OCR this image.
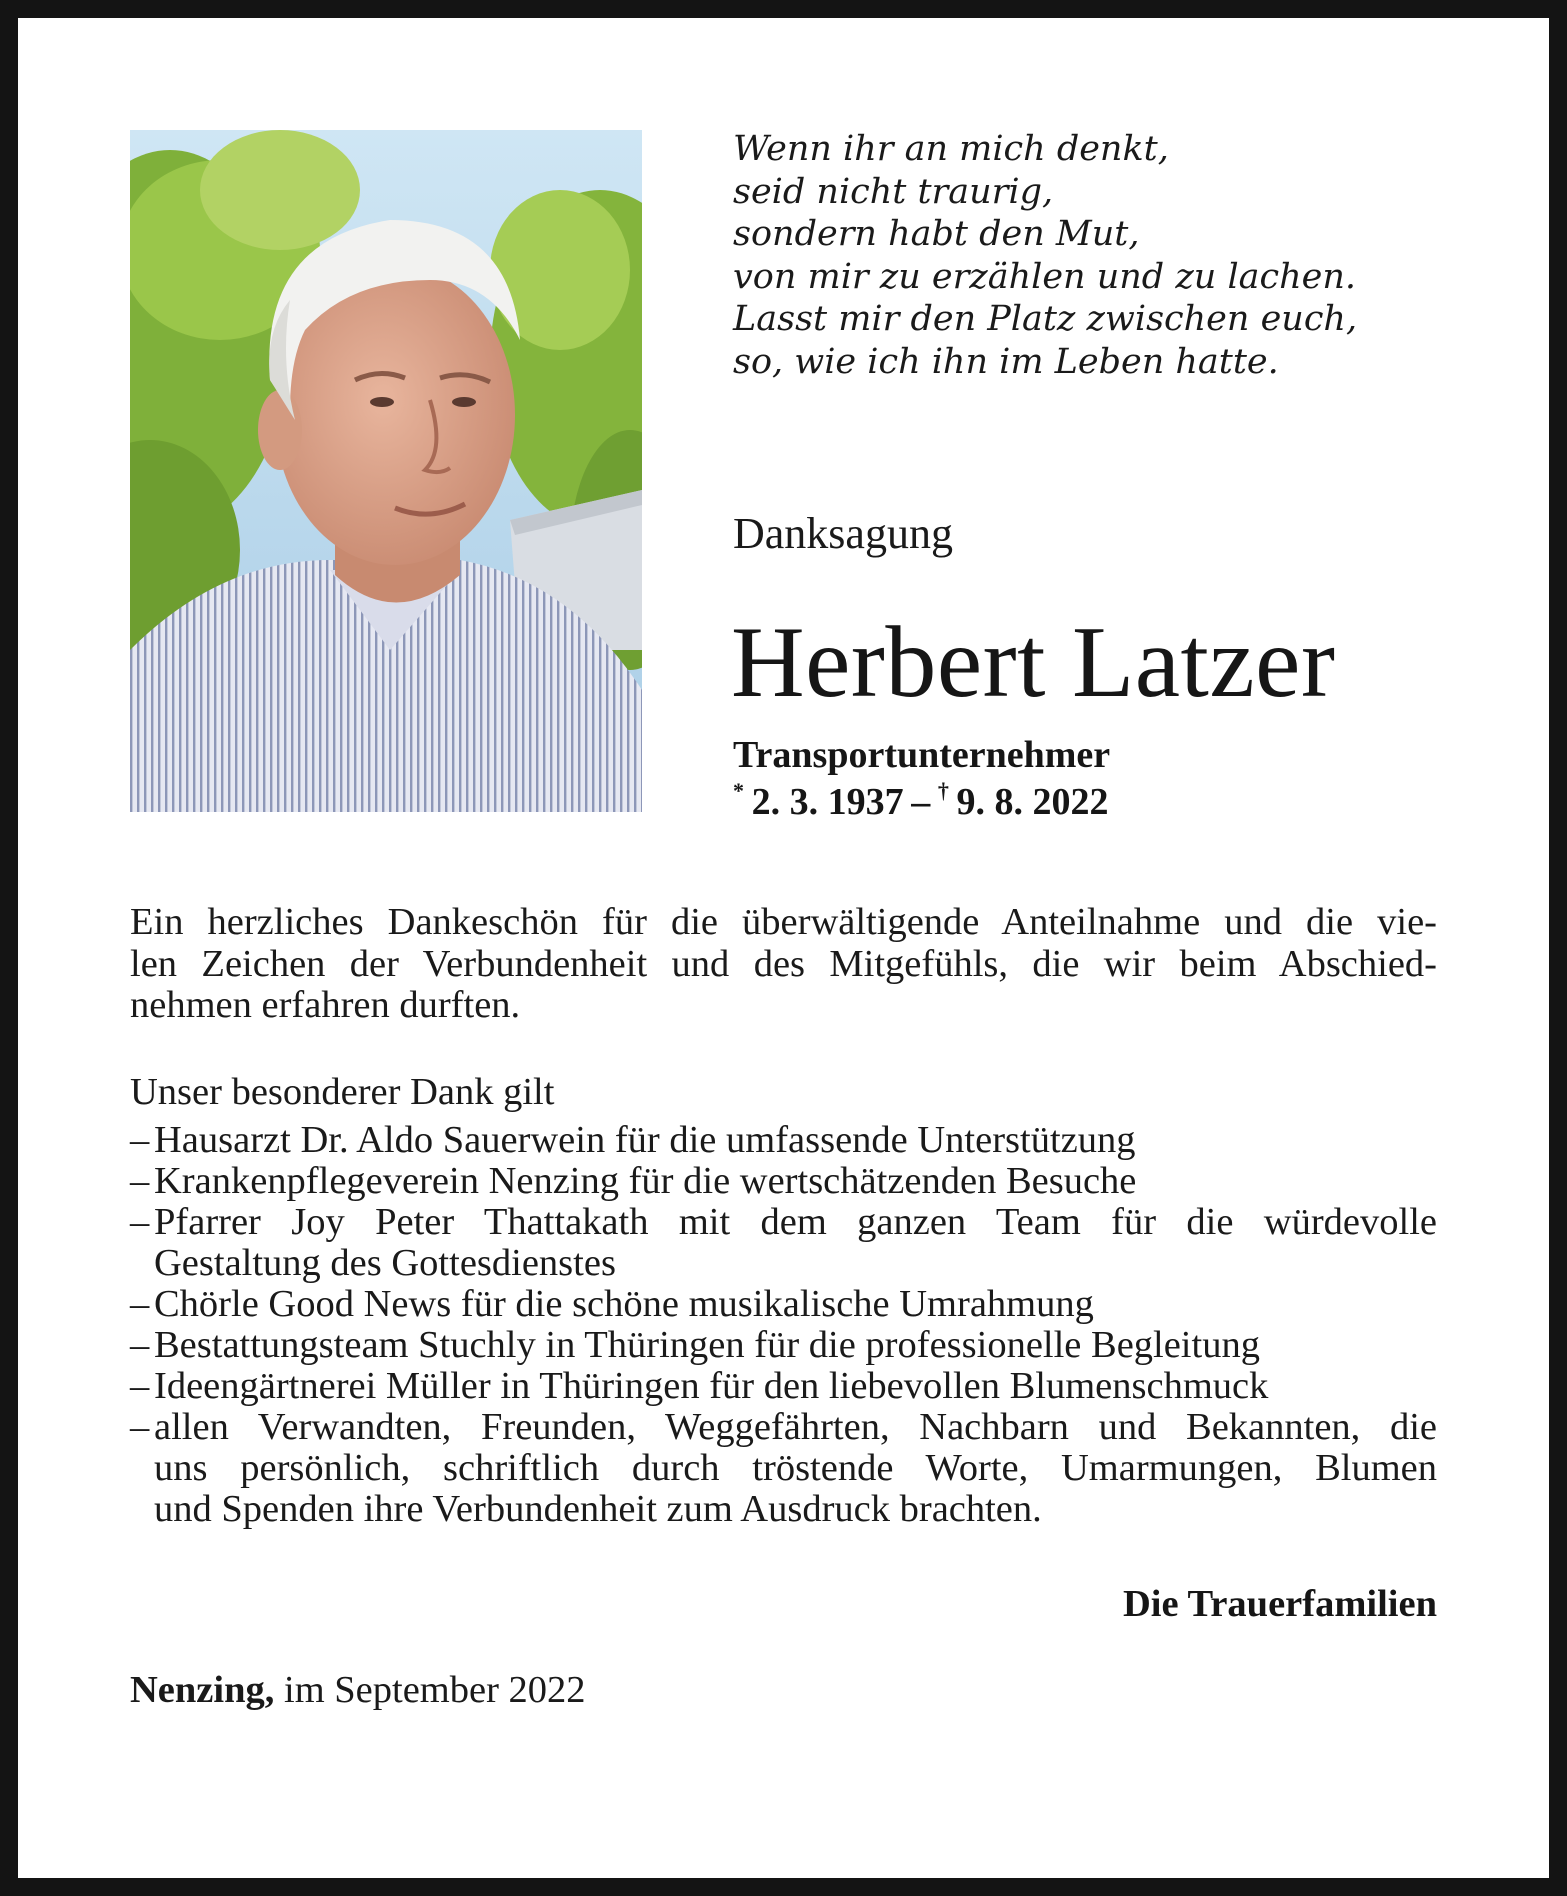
Wenn ihr an mich denkt,
seid nicht traurig,
sondern habt den Mut,
von mir zu erzählen und zu lachen.
Lasst mir den Platz zwischen euch,
so, wie ich ihn im Leben hatte.
Danksagung
Herbert Latzer
Transportunternehmer
*  2. 3. 1937  –  †  9. 8. 2022
Ein herzliches Dankeschön für die überwältigende Anteilnahme und die vie-
len Zeichen der Verbundenheit und des Mitgefühls, die wir beim Abschied-
nehmen erfahren durften.
Unser besonderer Dank gilt
– Hausarzt Dr. Aldo Sauerwein für die umfassende Unterstützung
– Krankenpflegeverein Nenzing für die wertschätzenden Besuche
– Pfarrer Joy Peter Thattakath mit dem ganzen Team für die würdevolle
Gestaltung des Gottesdienstes
– Chörle Good News für die schöne musikalische Umrahmung
– Bestattungsteam Stuchly in Thüringen für die professionelle Begleitung
– Ideengärtnerei Müller in Thüringen für den liebevollen Blumenschmuck
– allen Verwandten, Freunden, Weggefährten, Nachbarn und Bekannten, die
uns persönlich, schriftlich durch tröstende Worte, Umarmungen, Blumen
und Spenden ihre Verbundenheit zum Ausdruck brachten.
Die Trauerfamilien
Nenzing, im September 2022
